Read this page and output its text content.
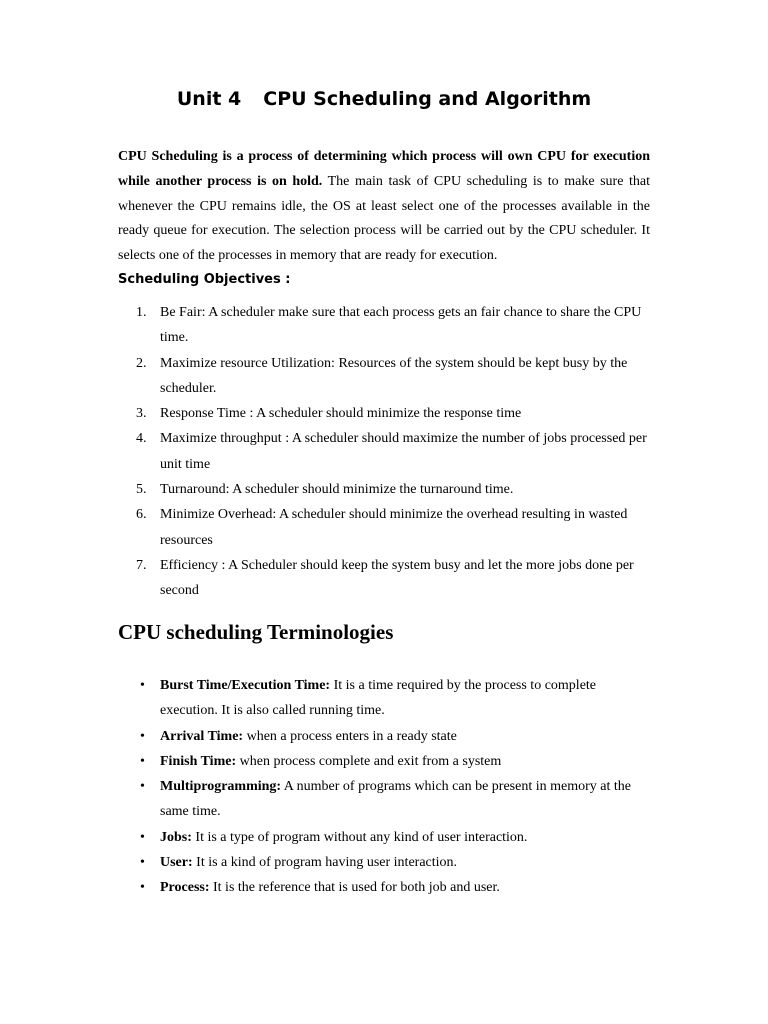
Unit 4 CPU Scheduling and Algorithm

CPU Scheduling is a process of determining which process will own CPU for execution while another process is on hold. The main task of CPU scheduling is to make sure that whenever the CPU remains idle, the OS at least select one of the processes available in the ready queue for execution. The selection process will be carried out by the CPU scheduler. It selects one of the processes in memory that are ready for execution.

Scheduling Objectives :
1. Be Fair: A scheduler make sure that each process gets an fair chance to share the CPU time.
2. Maximize resource Utilization: Resources of the system should be kept busy by the scheduler.
3. Response Time : A scheduler should minimize the response time
4. Maximize throughput : A scheduler should maximize the number of jobs processed per unit time
5. Turnaround: A scheduler should minimize the turnaround time.
6. Minimize Overhead: A scheduler should minimize the overhead resulting in wasted resources
7. Efficiency : A Scheduler should keep the system busy and let the more jobs done per second
CPU scheduling Terminologies
• Burst Time/Execution Time: It is a time required by the process to complete execution. It is also called running time.
• Arrival Time: when a process enters in a ready state
• Finish Time: when process complete and exit from a system
• Multiprogramming: A number of programs which can be present in memory at the same time.
• Jobs: It is a type of program without any kind of user interaction.
• User: It is a kind of program having user interaction.
• Process: It is the reference that is used for both job and user.
